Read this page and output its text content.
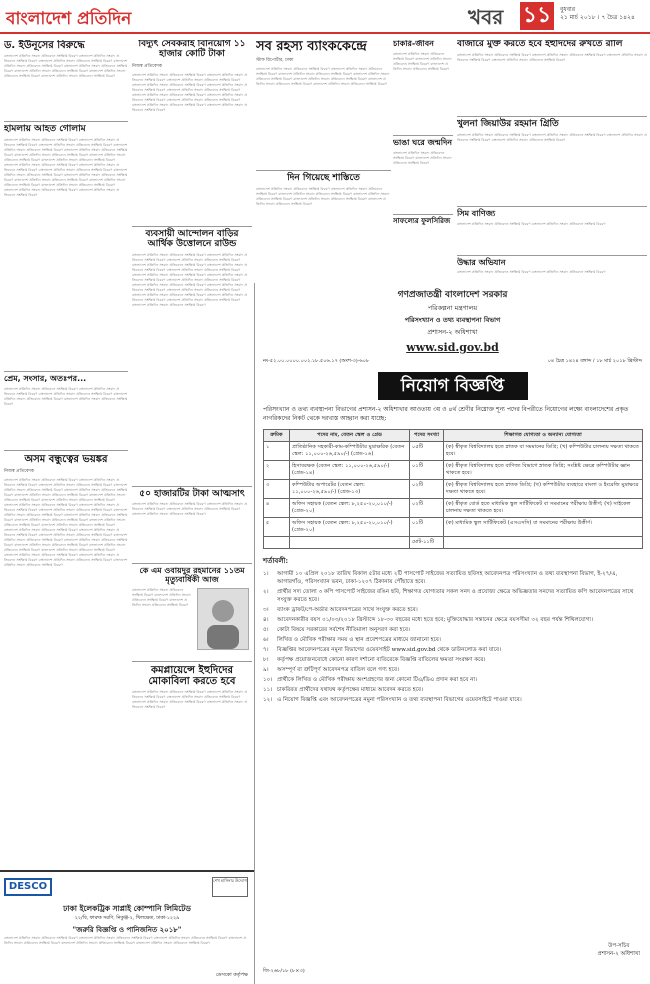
বাংলাদেশ প্রতিদিন	খবর ১১	বুধবার
২১ মার্চ ২০১৮ । ৭ চৈত্র ১৪২৪
ড. ইউনূসের বিরুদ্ধে
বাংলাদেশ প্রতিদিন সংবাদ প্রতিবেদন সংক্ষিপ্ত বিবরণ বাংলাদেশ প্রতিদিন সংবাদ প্রতিবেদন সংক্ষিপ্ত বিবরণ বাংলাদেশ প্রতিদিন সংবাদ প্রতিবেদন সংক্ষিপ্ত বিবরণ বাংলাদেশ প্রতিদিন সংবাদ প্রতিবেদন সংক্ষিপ্ত বিবরণ বাংলাদেশ প্রতিদিন সংবাদ প্রতিবেদন সংক্ষিপ্ত বিবরণ বাংলাদেশ প্রতিদিন সংবাদ প্রতিবেদন সংক্ষিপ্ত বিবরণ বাংলাদেশ প্রতিদিন সংবাদ প্রতিবেদন সংক্ষিপ্ত বিবরণ বাংলাদেশ প্রতিদিন সংবাদ প্রতিবেদন সংক্ষিপ্ত বিবরণ
হামলায় আহত গোলাম
বাংলাদেশ প্রতিদিন সংবাদ প্রতিবেদন সংক্ষিপ্ত বিবরণ বাংলাদেশ প্রতিদিন সংবাদ প্রতিবেদন সংক্ষিপ্ত বিবরণ বাংলাদেশ প্রতিদিন সংবাদ প্রতিবেদন সংক্ষিপ্ত বিবরণ বাংলাদেশ প্রতিদিন সংবাদ প্রতিবেদন সংক্ষিপ্ত বিবরণ বাংলাদেশ প্রতিদিন সংবাদ প্রতিবেদন সংক্ষিপ্ত বিবরণ বাংলাদেশ প্রতিদিন সংবাদ প্রতিবেদন সংক্ষিপ্ত বিবরণ বাংলাদেশ প্রতিদিন সংবাদ প্রতিবেদন সংক্ষিপ্ত বিবরণ বাংলাদেশ প্রতিদিন সংবাদ প্রতিবেদন সংক্ষিপ্ত বিবরণ বাংলাদেশ প্রতিদিন সংবাদ প্রতিবেদন সংক্ষিপ্ত বিবরণ বাংলাদেশ প্রতিদিন সংবাদ প্রতিবেদন সংক্ষিপ্ত বিবরণ বাংলাদেশ প্রতিদিন সংবাদ প্রতিবেদন সংক্ষিপ্ত বিবরণ বাংলাদেশ প্রতিদিন সংবাদ প্রতিবেদন সংক্ষিপ্ত বিবরণ বাংলাদেশ প্রতিদিন সংবাদ প্রতিবেদন সংক্ষিপ্ত বিবরণ বাংলাদেশ প্রতিদিন সংবাদ প্রতিবেদন সংক্ষিপ্ত বিবরণ বাংলাদেশ প্রতিদিন সংবাদ প্রতিবেদন সংক্ষিপ্ত বিবরণ বাংলাদেশ প্রতিদিন সংবাদ প্রতিবেদন সংক্ষিপ্ত বিবরণ বাংলাদেশ প্রতিদিন সংবাদ প্রতিবেদন সংক্ষিপ্ত বিবরণ বাংলাদেশ প্রতিদিন সংবাদ প্রতিবেদন সংক্ষিপ্ত বিবরণ
প্রেম, সংসার, অতঃপর...
বাংলাদেশ প্রতিদিন সংবাদ প্রতিবেদন সংক্ষিপ্ত বিবরণ বাংলাদেশ প্রতিদিন সংবাদ প্রতিবেদন সংক্ষিপ্ত বিবরণ বাংলাদেশ প্রতিদিন সংবাদ প্রতিবেদন সংক্ষিপ্ত বিবরণ বাংলাদেশ প্রতিদিন সংবাদ প্রতিবেদন সংক্ষিপ্ত বিবরণ বাংলাদেশ প্রতিদিন সংবাদ প্রতিবেদন সংক্ষিপ্ত বিবরণ
অসম বন্ধুত্বের ভয়ঙ্কর
নিজস্ব প্রতিবেদক
বাংলাদেশ প্রতিদিন সংবাদ প্রতিবেদন সংক্ষিপ্ত বিবরণ বাংলাদেশ প্রতিদিন সংবাদ প্রতিবেদন সংক্ষিপ্ত বিবরণ বাংলাদেশ প্রতিদিন সংবাদ প্রতিবেদন সংক্ষিপ্ত বিবরণ বাংলাদেশ প্রতিদিন সংবাদ প্রতিবেদন সংক্ষিপ্ত বিবরণ বাংলাদেশ প্রতিদিন সংবাদ প্রতিবেদন সংক্ষিপ্ত বিবরণ বাংলাদেশ প্রতিদিন সংবাদ প্রতিবেদন সংক্ষিপ্ত বিবরণ বাংলাদেশ প্রতিদিন সংবাদ প্রতিবেদন সংক্ষিপ্ত বিবরণ বাংলাদেশ প্রতিদিন সংবাদ প্রতিবেদন সংক্ষিপ্ত বিবরণ বাংলাদেশ প্রতিদিন সংবাদ প্রতিবেদন সংক্ষিপ্ত বিবরণ বাংলাদেশ প্রতিদিন সংবাদ প্রতিবেদন সংক্ষিপ্ত বিবরণ বাংলাদেশ প্রতিদিন সংবাদ প্রতিবেদন সংক্ষিপ্ত বিবরণ বাংলাদেশ প্রতিদিন সংবাদ প্রতিবেদন সংক্ষিপ্ত বিবরণ বাংলাদেশ প্রতিদিন সংবাদ প্রতিবেদন সংক্ষিপ্ত বিবরণ বাংলাদেশ প্রতিদিন সংবাদ প্রতিবেদন সংক্ষিপ্ত বিবরণ বাংলাদেশ প্রতিদিন সংবাদ প্রতিবেদন সংক্ষিপ্ত বিবরণ বাংলাদেশ প্রতিদিন সংবাদ প্রতিবেদন সংক্ষিপ্ত বিবরণ বাংলাদেশ প্রতিদিন সংবাদ প্রতিবেদন সংক্ষিপ্ত বিবরণ বাংলাদেশ প্রতিদিন সংবাদ প্রতিবেদন সংক্ষিপ্ত বিবরণ বাংলাদেশ প্রতিদিন সংবাদ প্রতিবেদন সংক্ষিপ্ত বিবরণ বাংলাদেশ প্রতিদিন সংবাদ প্রতিবেদন সংক্ষিপ্ত বিবরণ বাংলাদেশ প্রতিদিন সংবাদ প্রতিবেদন সংক্ষিপ্ত বিবরণ বাংলাদেশ প্রতিদিন সংবাদ প্রতিবেদন সংক্ষিপ্ত বিবরণ বাংলাদেশ প্রতিদিন সংবাদ প্রতিবেদন সংক্ষিপ্ত বিবরণ বাংলাদেশ প্রতিদিন সংবাদ প্রতিবেদন সংক্ষিপ্ত বিবরণ বাংলাদেশ প্রতিদিন সংবাদ প্রতিবেদন সংক্ষিপ্ত বিবরণ বাংলাদেশ প্রতিদিন সংবাদ প্রতিবেদন সংক্ষিপ্ত বিবরণ বাংলাদেশ প্রতিদিন সংবাদ প্রতিবেদন সংক্ষিপ্ত বিবরণ বাংলাদেশ প্রতিদিন সংবাদ প্রতিবেদন সংক্ষিপ্ত বিবরণ
বিদ্যুৎ সেবকরাই বিনিয়োগ ১১ হাজার কোটি টাকা
নিজস্ব প্রতিবেদক
বাংলাদেশ প্রতিদিন সংবাদ প্রতিবেদন সংক্ষিপ্ত বিবরণ বাংলাদেশ প্রতিদিন সংবাদ প্রতিবেদন সংক্ষিপ্ত বিবরণ বাংলাদেশ প্রতিদিন সংবাদ প্রতিবেদন সংক্ষিপ্ত বিবরণ বাংলাদেশ প্রতিদিন সংবাদ প্রতিবেদন সংক্ষিপ্ত বিবরণ বাংলাদেশ প্রতিদিন সংবাদ প্রতিবেদন সংক্ষিপ্ত বিবরণ বাংলাদেশ প্রতিদিন সংবাদ প্রতিবেদন সংক্ষিপ্ত বিবরণ বাংলাদেশ প্রতিদিন সংবাদ প্রতিবেদন সংক্ষিপ্ত বিবরণ বাংলাদেশ প্রতিদিন সংবাদ প্রতিবেদন সংক্ষিপ্ত বিবরণ বাংলাদেশ প্রতিদিন সংবাদ প্রতিবেদন সংক্ষিপ্ত বিবরণ বাংলাদেশ প্রতিদিন সংবাদ প্রতিবেদন সংক্ষিপ্ত বিবরণ বাংলাদেশ প্রতিদিন সংবাদ প্রতিবেদন সংক্ষিপ্ত বিবরণ
ব্যবসায়ী আন্দোলন বাড়ির আর্থিক উত্তোলনে রাউন্ড
বাংলাদেশ প্রতিদিন সংবাদ প্রতিবেদন সংক্ষিপ্ত বিবরণ বাংলাদেশ প্রতিদিন সংবাদ প্রতিবেদন সংক্ষিপ্ত বিবরণ বাংলাদেশ প্রতিদিন সংবাদ প্রতিবেদন সংক্ষিপ্ত বিবরণ বাংলাদেশ প্রতিদিন সংবাদ প্রতিবেদন সংক্ষিপ্ত বিবরণ বাংলাদেশ প্রতিদিন সংবাদ প্রতিবেদন সংক্ষিপ্ত বিবরণ বাংলাদেশ প্রতিদিন সংবাদ প্রতিবেদন সংক্ষিপ্ত বিবরণ বাংলাদেশ প্রতিদিন সংবাদ প্রতিবেদন সংক্ষিপ্ত বিবরণ বাংলাদেশ প্রতিদিন সংবাদ প্রতিবেদন সংক্ষিপ্ত বিবরণ বাংলাদেশ প্রতিদিন সংবাদ প্রতিবেদন সংক্ষিপ্ত বিবরণ বাংলাদেশ প্রতিদিন সংবাদ প্রতিবেদন সংক্ষিপ্ত বিবরণ বাংলাদেশ প্রতিদিন সংবাদ প্রতিবেদন সংক্ষিপ্ত বিবরণ বাংলাদেশ প্রতিদিন সংবাদ প্রতিবেদন সংক্ষিপ্ত বিবরণ বাংলাদেশ প্রতিদিন সংবাদ প্রতিবেদন সংক্ষিপ্ত বিবরণ বাংলাদেশ প্রতিদিন সংবাদ প্রতিবেদন সংক্ষিপ্ত বিবরণ বাংলাদেশ প্রতিদিন সংবাদ প্রতিবেদন সংক্ষিপ্ত বিবরণ বাংলাদেশ প্রতিদিন সংবাদ প্রতিবেদন সংক্ষিপ্ত বিবরণ
৫০ হাজারটির টাকা আত্মসাৎ
বাংলাদেশ প্রতিদিন সংবাদ প্রতিবেদন সংক্ষিপ্ত বিবরণ বাংলাদেশ প্রতিদিন সংবাদ প্রতিবেদন সংক্ষিপ্ত বিবরণ বাংলাদেশ প্রতিদিন সংবাদ প্রতিবেদন সংক্ষিপ্ত বিবরণ বাংলাদেশ প্রতিদিন সংবাদ প্রতিবেদন সংক্ষিপ্ত বিবরণ
কে এম ওবায়দুর রহমানের ১১তম মৃত্যুবার্ষিকী আজ
বাংলাদেশ প্রতিদিন সংবাদ প্রতিবেদন সংক্ষিপ্ত বিবরণ বাংলাদেশ প্রতিদিন সংবাদ প্রতিবেদন সংক্ষিপ্ত বিবরণ বাংলাদেশ প্রতিদিন সংবাদ প্রতিবেদন সংক্ষিপ্ত বিবরণ
কমপ্লায়েন্সে ইহুদিদের মোকাবিলা করতে হবে
বাংলাদেশ প্রতিদিন সংবাদ প্রতিবেদন সংক্ষিপ্ত বিবরণ বাংলাদেশ প্রতিদিন সংবাদ প্রতিবেদন সংক্ষিপ্ত বিবরণ বাংলাদেশ প্রতিদিন সংবাদ প্রতিবেদন সংক্ষিপ্ত বিবরণ বাংলাদেশ প্রতিদিন সংবাদ প্রতিবেদন সংক্ষিপ্ত বিবরণ বাংলাদেশ প্রতিদিন সংবাদ প্রতিবেদন সংক্ষিপ্ত বিবরণ
সব রহস্য ব্যাংককেন্দ্রে
স্টাফ রিপোর্টার, ঢাকা
বাংলাদেশ প্রতিদিন সংবাদ প্রতিবেদন সংক্ষিপ্ত বিবরণ বাংলাদেশ প্রতিদিন সংবাদ প্রতিবেদন সংক্ষিপ্ত বিবরণ বাংলাদেশ প্রতিদিন সংবাদ প্রতিবেদন সংক্ষিপ্ত বিবরণ বাংলাদেশ প্রতিদিন সংবাদ প্রতিবেদন সংক্ষিপ্ত বিবরণ বাংলাদেশ প্রতিদিন সংবাদ প্রতিবেদন সংক্ষিপ্ত বিবরণ বাংলাদেশ প্রতিদিন সংবাদ প্রতিবেদন সংক্ষিপ্ত বিবরণ বাংলাদেশ প্রতিদিন সংবাদ প্রতিবেদন সংক্ষিপ্ত বিবরণ
দিন গিয়েছে শাস্তিতে
বাংলাদেশ প্রতিদিন সংবাদ প্রতিবেদন সংক্ষিপ্ত বিবরণ বাংলাদেশ প্রতিদিন সংবাদ প্রতিবেদন সংক্ষিপ্ত বিবরণ বাংলাদেশ প্রতিদিন সংবাদ প্রতিবেদন সংক্ষিপ্ত বিবরণ বাংলাদেশ প্রতিদিন সংবাদ প্রতিবেদন সংক্ষিপ্ত বিবরণ বাংলাদেশ প্রতিদিন সংবাদ প্রতিবেদন সংক্ষিপ্ত বিবরণ বাংলাদেশ প্রতিদিন সংবাদ প্রতিবেদন সংক্ষিপ্ত বিবরণ
চাকরি-জীবন
বাংলাদেশ প্রতিদিন সংবাদ প্রতিবেদন সংক্ষিপ্ত বিবরণ বাংলাদেশ প্রতিদিন সংবাদ প্রতিবেদন সংক্ষিপ্ত বিবরণ বাংলাদেশ প্রতিদিন সংবাদ প্রতিবেদন সংক্ষিপ্ত বিবরণ
ভাঙা ঘরে জন্মদিন
বাংলাদেশ প্রতিদিন সংবাদ প্রতিবেদন সংক্ষিপ্ত বিবরণ বাংলাদেশ প্রতিদিন সংবাদ প্রতিবেদন সংক্ষিপ্ত বিবরণ
সাফল্যের ফুলসিরিজ
বাজারে মুক্ত করতে হবে ইহুদিদের রুখতে রালি
বাংলাদেশ প্রতিদিন সংবাদ প্রতিবেদন সংক্ষিপ্ত বিবরণ বাংলাদেশ প্রতিদিন সংবাদ প্রতিবেদন সংক্ষিপ্ত বিবরণ বাংলাদেশ প্রতিদিন সংবাদ প্রতিবেদন সংক্ষিপ্ত বিবরণ বাংলাদেশ প্রতিদিন সংবাদ প্রতিবেদন সংক্ষিপ্ত বিবরণ
খুলনা জিয়াউর রহমান গ্রিতি
বাংলাদেশ প্রতিদিন সংবাদ প্রতিবেদন সংক্ষিপ্ত বিবরণ বাংলাদেশ প্রতিদিন সংবাদ প্রতিবেদন সংক্ষিপ্ত বিবরণ বাংলাদেশ প্রতিদিন সংবাদ প্রতিবেদন সংক্ষিপ্ত বিবরণ বাংলাদেশ প্রতিদিন সংবাদ প্রতিবেদন সংক্ষিপ্ত বিবরণ
সিম বাণিজ্য
বাংলাদেশ প্রতিদিন সংবাদ প্রতিবেদন সংক্ষিপ্ত বিবরণ বাংলাদেশ প্রতিদিন সংবাদ প্রতিবেদন সংক্ষিপ্ত বিবরণ
উদ্ধার অভিযান
বাংলাদেশ প্রতিদিন সংবাদ প্রতিবেদন সংক্ষিপ্ত বিবরণ বাংলাদেশ প্রতিদিন সংবাদ প্রতিবেদন সংক্ষিপ্ত বিবরণ
গণপ্রজাতন্ত্রী বাংলাদেশ সরকার
পরিকল্পনা মন্ত্রণালয়
পরিসংখ্যান ও তথ্য ব্যবস্থাপনা বিভাগ
প্রশাসন-২ অধিশাখা
www.sid.gov.bd
নং-৫২.০০.০০০০.০০২.১৮.৫০৬.১৭ (অংশ-৩)-৬০৮	০৪ চৈত্র ১৪২৪ বঙ্গাব্দ / ১৮ মার্চ ২০১৮ খ্রিস্টাব্দ
নিয়োগ বিজ্ঞপ্তি
পরিসংখ্যান ও তথ্য ব্যবস্থাপনা বিভাগের প্রশাসন-২ অধিশাখার আওতায় ৩য় ও ৪র্থ শ্রেণীর নিম্নোক্ত শূন্য পদের বিপরীতে নিয়োগের লক্ষ্যে বাংলাদেশের প্রকৃত নাগরিকদের নিকট থেকে দরখাস্ত আহ্বান করা যাচ্ছে:
ক্রমিক	পদের নাম, বেতন স্কেল ও গ্রেড	পদের সংখ্যা	শিক্ষাগত যোগ্যতা ও অন্যান্য যোগ্যতা
১	প্রাতিষ্ঠানিক সহকারী-কাম-কম্পিউটার মুদ্রাক্ষরিক (বেতন স্কেল: ১১,০০০-২৬,৫৯০/-) (গ্রেড-১৬)	০৫টি	(ক) স্বীকৃত বিশ্ববিদ্যালয় হতে স্নাতক বা সমমানের ডিগ্রি; (খ) কম্পিউটার চালনায় দক্ষতা থাকতে হবে।
২	হিসাবরক্ষক (বেতন স্কেল: ১১,০০০-২৬,৫৯০/-) (গ্রেড-১৪)	০১টি	(ক) স্বীকৃত বিশ্ববিদ্যালয় হতে বাণিজ্য বিভাগে স্নাতক ডিগ্রি; সংশ্লিষ্ট ক্ষেত্রে কম্পিউটার জ্ঞান থাকতে হবে।
৩	কম্পিউটার অপারেটর (বেতন স্কেল: ১১,০০০-২৬,৫৯০/-) (গ্রেড-১৩)	০২টি	(ক) স্বীকৃত বিশ্ববিদ্যালয় হতে স্নাতক ডিগ্রি; (খ) কম্পিউটার ব্যবহারে বাংলা ও ইংরেজি মুদ্রাক্ষরে দক্ষতা থাকতে হবে।
৪	অফিস সহায়ক (বেতন স্কেল: ৮,২৫০-২০,০১০/-) (গ্রেড-২০)	০২টি	(ক) স্বীকৃত বোর্ড হতে মাধ্যমিক স্কুল সার্টিফিকেট বা সমমানের পরীক্ষায় উত্তীর্ণ; (খ) সাইকেল চালনায় দক্ষতা থাকতে হবে।
৫	অফিস সহায়ক (বেতন স্কেল: ৮,২৫০-২০,০১০/-) (গ্রেড-২০)	০১টি	(ক) মাধ্যমিক স্কুল সার্টিফিকেট (এসএসসি) বা সমমানের পরীক্ষায় উত্তীর্ণ।
		মোট-১১টি	
শর্তাবলী:
১।	আগামী ১০ এপ্রিল ২০১৮ তারিখ বিকাল ৫টার মধ্যে ২টি পাসপোর্ট সাইজের সত্যায়িত ছবিসহ আবেদনপত্র পরিসংখ্যান ও তথ্য ব্যবস্থাপনা বিভাগ, ই-২৭/এ, আগারগাঁও, পরিসংখ্যান ভবন, ঢাকা-১২০৭ ঠিকানায় পৌঁছাতে হবে।
২।	প্রার্থীর সদ্য তোলা ৩ কপি পাসপোর্ট সাইজের রঙিন ছবি, শিক্ষাগত যোগ্যতার সকল সনদ ও প্রযোজ্য ক্ষেত্রে অভিজ্ঞতার সনদের সত্যায়িত কপি আবেদনপত্রের সাথে সংযুক্ত করতে হবে।
৩।	ব্যাংক ড্রাফট/পে-অর্ডার আবেদনপত্রের সাথে সংযুক্ত করতে হবে।
৪।	আবেদনকারীর বয়স ০১/০৩/২০১৮ খ্রিস্টাব্দে ১৮-৩০ বছরের মধ্যে হতে হবে; মুক্তিযোদ্ধার সন্তানের ক্ষেত্রে বয়সসীমা ৩২ বছর পর্যন্ত শিথিলযোগ্য।
৫।	কোটা বিষয়ে সরকারের সর্বশেষ নীতিমালা অনুসরণ করা হবে।
৬।	লিখিত ও মৌখিক পরীক্ষার সময় ও স্থান প্রবেশপত্রের মাধ্যমে জানানো হবে।
৭।	বিজ্ঞপ্তির আবেদনপত্রের নমুনা বিভাগের ওয়েবসাইট www.sid.gov.bd থেকে ডাউনলোড করা যাবে।
৮।	কর্তৃপক্ষ প্রয়োজনবোধে কোনো কারণ দর্শানো ব্যতিরেকে বিজ্ঞপ্তি বাতিলের ক্ষমতা সংরক্ষণ করে।
৯।	অসম্পূর্ণ বা ত্রুটিপূর্ণ আবেদনপত্র বাতিল বলে গণ্য হবে।
১০। প্রার্থীকে লিখিত ও মৌখিক পরীক্ষায় অংশগ্রহণের জন্য কোনো টিএ/ডিএ প্রদান করা হবে না।
১১। চাকরিরত প্রার্থীদের যথাযথ কর্তৃপক্ষের মাধ্যমে আবেদন করতে হবে।
১২। এ নিয়োগ বিজ্ঞপ্তি এবং আবেদনপত্রের নমুনা পরিসংখ্যান ও তথ্য ব্যবস্থাপনা বিভাগের ওয়েবসাইটে পাওয়া যাবে।
উপ-সচিব
প্রশাসন-২ অধিশাখা
জি-২৬৮/১৮ (৮×৩)
DESCO
শেখ হাসিনার উদ্যোগ
ঢাকা ইলেকট্রিক সাপ্লাই কোম্পানি লিমিটেড
২২/বি, ফারুক সরণি, নিকুঞ্জ-২, খিলক্ষেত, ঢাকা-১২২৯
"জরুরি বিজ্ঞপ্তি ও পানিজনিত ২০১৮"
বাংলাদেশ প্রতিদিন সংবাদ প্রতিবেদন সংক্ষিপ্ত বিবরণ বাংলাদেশ প্রতিদিন সংবাদ প্রতিবেদন সংক্ষিপ্ত বিবরণ বাংলাদেশ প্রতিদিন সংবাদ প্রতিবেদন সংক্ষিপ্ত বিবরণ বাংলাদেশ প্রতিদিন সংবাদ প্রতিবেদন সংক্ষিপ্ত বিবরণ বাংলাদেশ প্রতিদিন সংবাদ প্রতিবেদন সংক্ষিপ্ত বিবরণ বাংলাদেশ প্রতিদিন সংবাদ প্রতিবেদন সংক্ষিপ্ত বিবরণ
ডেসকো কর্তৃপক্ষ
